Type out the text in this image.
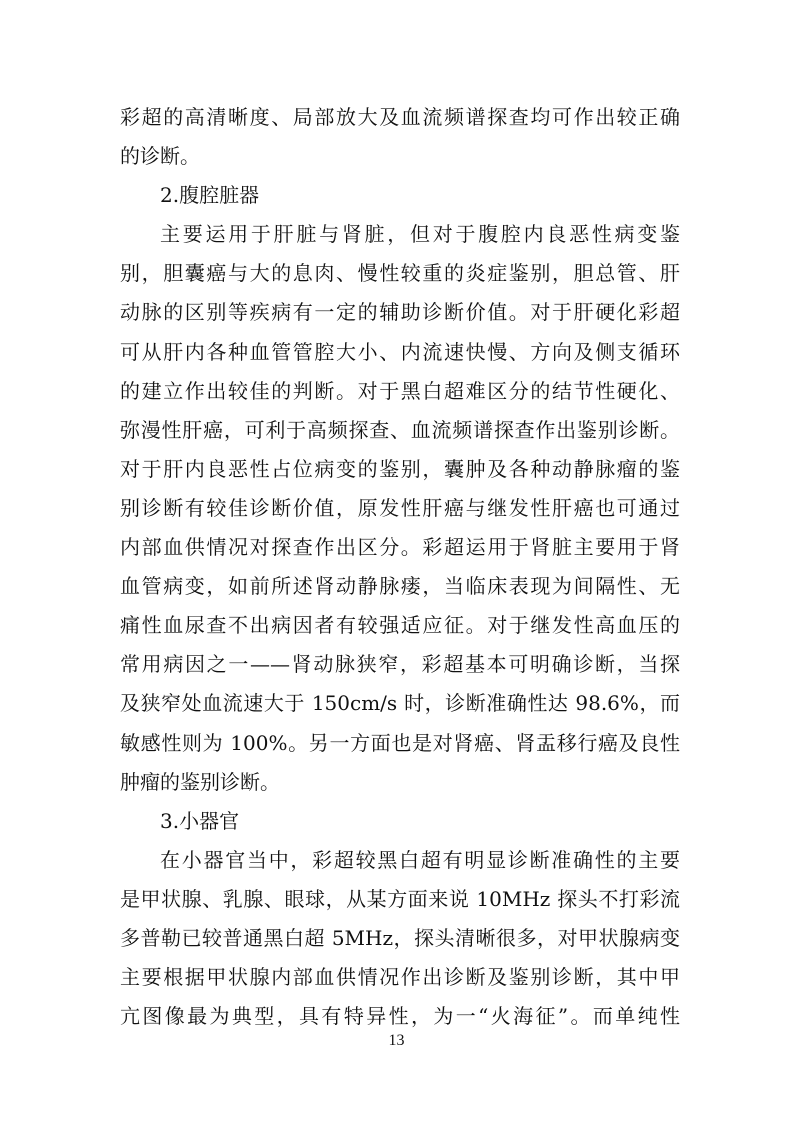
彩超的高清晰度、局部放大及血流频谱探查均可作出较正确
的诊断。
2.腹腔脏器
主要运用于肝脏与肾脏，但对于腹腔内良恶性病变鉴
别，胆囊癌与大的息肉、慢性较重的炎症鉴别，胆总管、肝
动脉的区别等疾病有一定的辅助诊断价值。对于肝硬化彩超
可从肝内各种血管管腔大小、内流速快慢、方向及侧支循环
的建立作出较佳的判断。对于黑白超难区分的结节性硬化、
弥漫性肝癌，可利于高频探查、血流频谱探查作出鉴别诊断。
对于肝内良恶性占位病变的鉴别，囊肿及各种动静脉瘤的鉴
别诊断有较佳诊断价值，原发性肝癌与继发性肝癌也可通过
内部血供情况对探查作出区分。彩超运用于肾脏主要用于肾
血管病变，如前所述肾动静脉瘘，当临床表现为间隔性、无
痛性血尿查不出病因者有较强适应征。对于继发性高血压的
常用病因之一——肾动脉狭窄，彩超基本可明确诊断，当探
及狭窄处血流速大于 150cm/s 时，诊断准确性达 98.6%，而
敏感性则为 100%。另一方面也是对肾癌、肾盂移行癌及良性
肿瘤的鉴别诊断。
3.小器官
在小器官当中，彩超较黑白超有明显诊断准确性的主要
是甲状腺、乳腺、眼球，从某方面来说 10MHz 探头不打彩流
多普勒已较普通黑白超 5MHz，探头清晰很多，对甲状腺病变
主要根据甲状腺内部血供情况作出诊断及鉴别诊断，其中甲
亢图像最为典型，具有特异性，为一“火海征”。而单纯性
13
